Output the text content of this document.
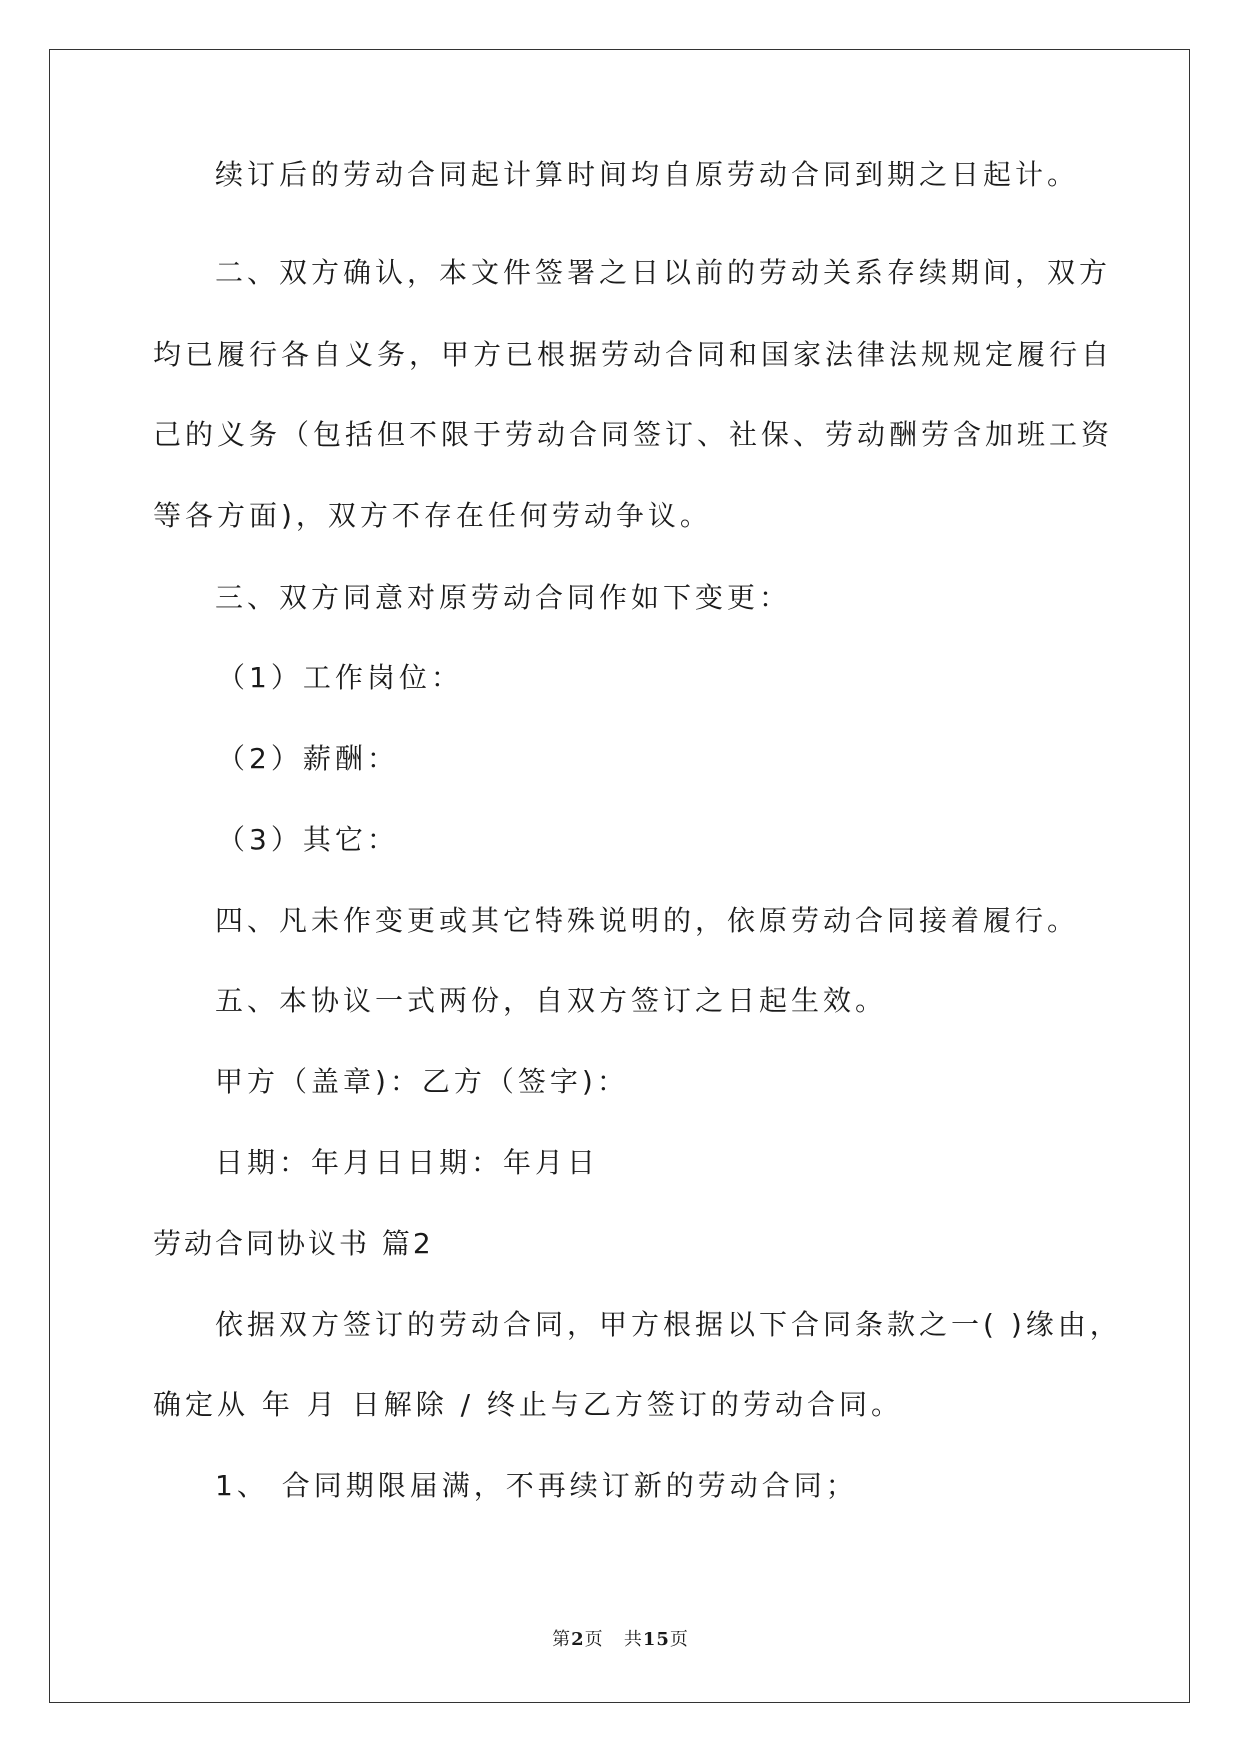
续订后的劳动合同起计算时间均自原劳动合同到期之日起计。
二、双方确认，本文件签署之日以前的劳动关系存续期间，双方
均已履行各自义务，甲方已根据劳动合同和国家法律法规规定履行自
己的义务（包括但不限于劳动合同签订、社保、劳动酬劳含加班工资
等各方面)，双方不存在任何劳动争议。
三、双方同意对原劳动合同作如下变更：
（1）工作岗位：
（2）薪酬：
（3）其它：
四、凡未作变更或其它特殊说明的，依原劳动合同接着履行。
五、本协议一式两份，自双方签订之日起生效。
甲方（盖章)：乙方（签字)：
日期：年月日日期：年月日
劳动合同协议书 篇2
依据双方签订的劳动合同，甲方根据以下合同条款之一( )缘由，
确定从 年 月 日解除 / 终止与乙方签订的劳动合同。
1、 合同期限届满，不再续订新的劳动合同；
第2页 共15页
